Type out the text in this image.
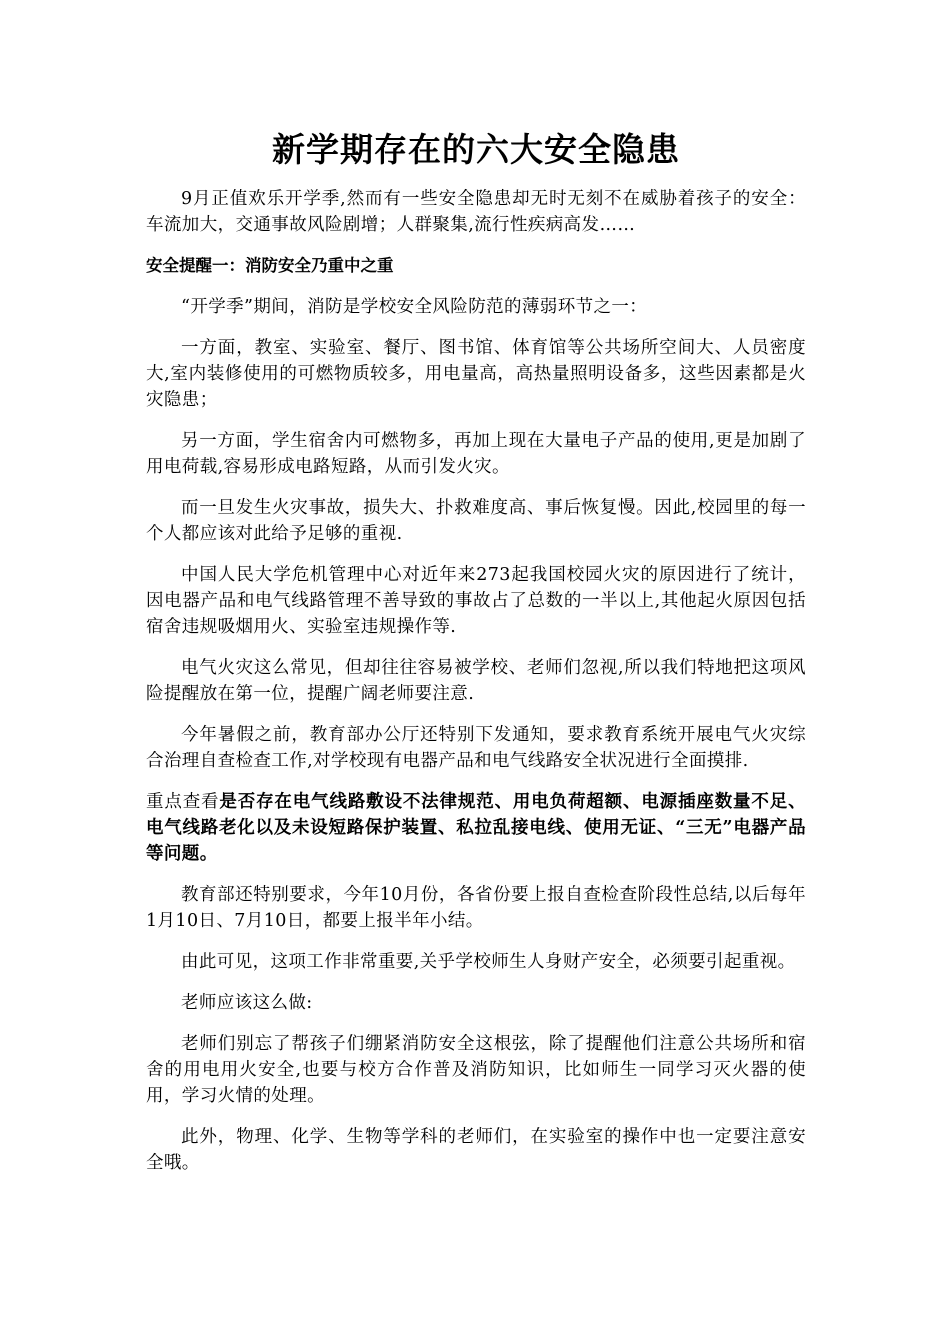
新学期存在的六大安全隐患

9月正值欢乐开学季,然而有一些安全隐患却无时无刻不在威胁着孩子的安全：车流加大，交通事故风险剧增；人群聚集,流行性疾病高发……

安全提醒一：消防安全乃重中之重

“开学季”期间，消防是学校安全风险防范的薄弱环节之一：

一方面，教室、实验室、餐厅、图书馆、体育馆等公共场所空间大、人员密度大,室内装修使用的可燃物质较多，用电量高，高热量照明设备多，这些因素都是火灾隐患；

另一方面，学生宿舍内可燃物多，再加上现在大量电子产品的使用,更是加剧了用电荷载,容易形成电路短路，从而引发火灾。

而一旦发生火灾事故，损失大、扑救难度高、事后恢复慢。因此,校园里的每一个人都应该对此给予足够的重视.

中国人民大学危机管理中心对近年来273起我国校园火灾的原因进行了统计，因电器产品和电气线路管理不善导致的事故占了总数的一半以上,其他起火原因包括宿舍违规吸烟用火、实验室违规操作等.

电气火灾这么常见，但却往往容易被学校、老师们忽视,所以我们特地把这项风险提醒放在第一位，提醒广阔老师要注意.

今年暑假之前，教育部办公厅还特别下发通知，要求教育系统开展电气火灾综合治理自查检查工作,对学校现有电器产品和电气线路安全状况进行全面摸排.

重点查看是否存在电气线路敷设不法律规范、用电负荷超额、电源插座数量不足、电气线路老化以及未设短路保护装置、私拉乱接电线、使用无证、“三无”电器产品等问题。

教育部还特别要求，今年10月份，各省份要上报自查检查阶段性总结,以后每年1月10日、7月10日，都要上报半年小结。

由此可见，这项工作非常重要,关乎学校师生人身财产安全，必须要引起重视。

老师应该这么做:

老师们别忘了帮孩子们绷紧消防安全这根弦，除了提醒他们注意公共场所和宿舍的用电用火安全,也要与校方合作普及消防知识，比如师生一同学习灭火器的使用，学习火情的处理。

此外，物理、化学、生物等学科的老师们，在实验室的操作中也一定要注意安全哦。
